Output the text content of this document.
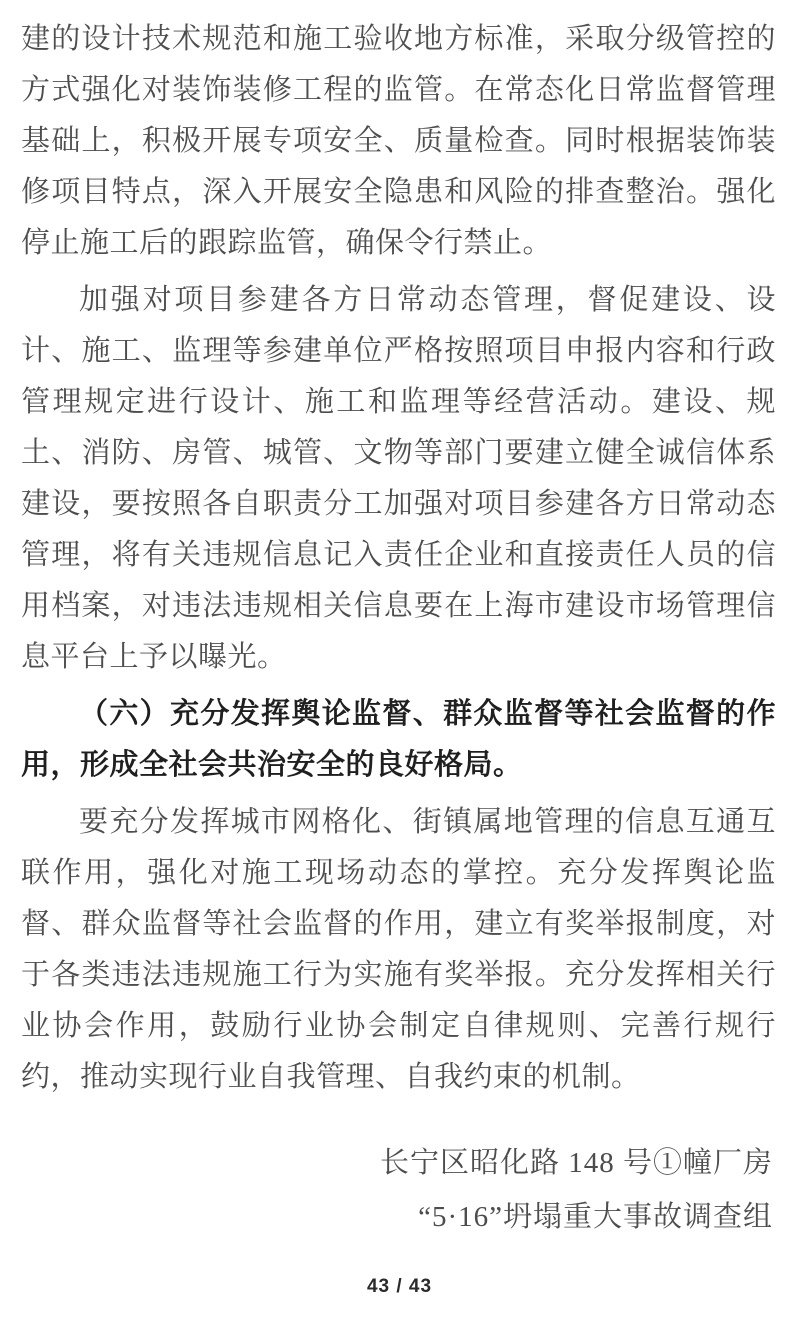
建的设计技术规范和施工验收地方标准，采取分级管控的方式强化对装饰装修工程的监管。在常态化日常监督管理基础上，积极开展专项安全、质量检查。同时根据装饰装修项目特点，深入开展安全隐患和风险的排查整治。强化停止施工后的跟踪监管，确保令行禁止。

加强对项目参建各方日常动态管理，督促建设、设计、施工、监理等参建单位严格按照项目申报内容和行政管理规定进行设计、施工和监理等经营活动。建设、规土、消防、房管、城管、文物等部门要建立健全诚信体系建设，要按照各自职责分工加强对项目参建各方日常动态管理，将有关违规信息记入责任企业和直接责任人员的信用档案，对违法违规相关信息要在上海市建设市场管理信息平台上予以曝光。

（六）充分发挥舆论监督、群众监督等社会监督的作用，形成全社会共治安全的良好格局。

要充分发挥城市网格化、街镇属地管理的信息互通互联作用，强化对施工现场动态的掌控。充分发挥舆论监督、群众监督等社会监督的作用，建立有奖举报制度，对于各类违法违规施工行为实施有奖举报。充分发挥相关行业协会作用，鼓励行业协会制定自律规则、完善行规行约，推动实现行业自我管理、自我约束的机制。

长宁区昭化路 148 号①幢厂房
“5·16”坍塌重大事故调查组
43 / 43
